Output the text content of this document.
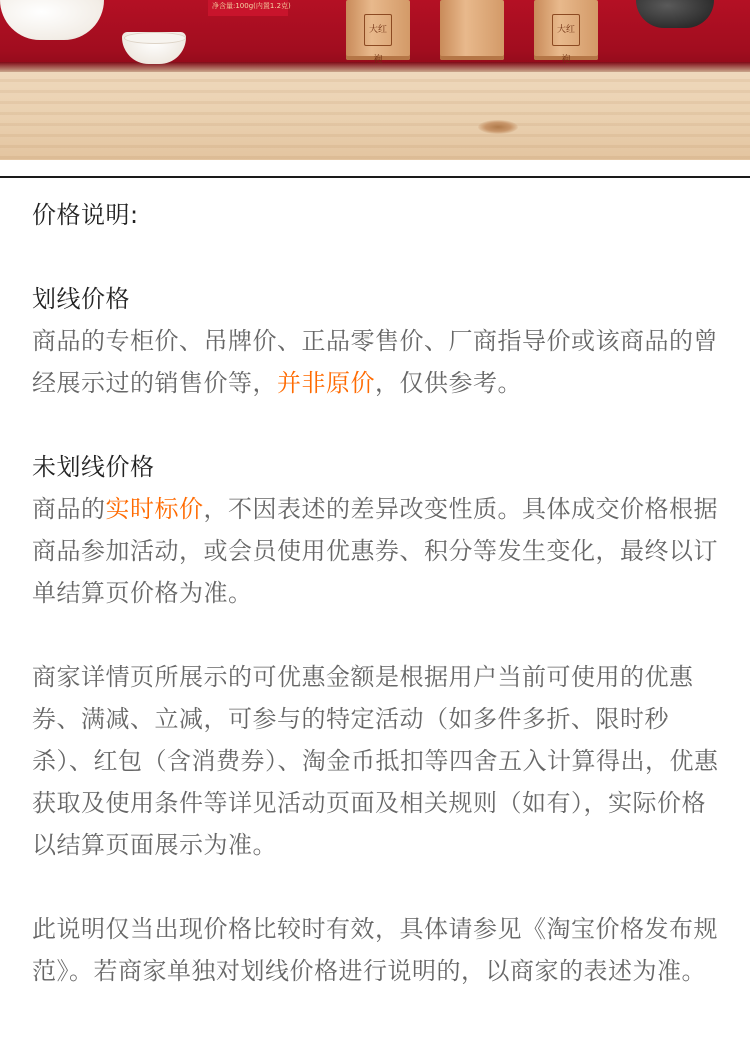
净含量:100g(内置1.2克)
大红袍
大红袍

价格说明:

划线价格

商品的专柜价、吊牌价、正品零售价、厂商指导价或该商品的曾经展示过的销售价等，并非原价，仅供参考。

未划线价格

商品的实时标价，不因表述的差异改变性质。具体成交价格根据商品参加活动，或会员使用优惠券、积分等发生变化，最终以订单结算页价格为准。

商家详情页所展示的可优惠金额是根据用户当前可使用的优惠券、满减、立减，可参与的特定活动（如多件多折、限时秒杀）、红包（含消费券）、淘金币抵扣等四舍五入计算得出，优惠获取及使用条件等详见活动页面及相关规则（如有），实际价格以结算页面展示为准。

此说明仅当出现价格比较时有效，具体请参见《淘宝价格发布规范》。若商家单独对划线价格进行说明的，以商家的表述为准。
